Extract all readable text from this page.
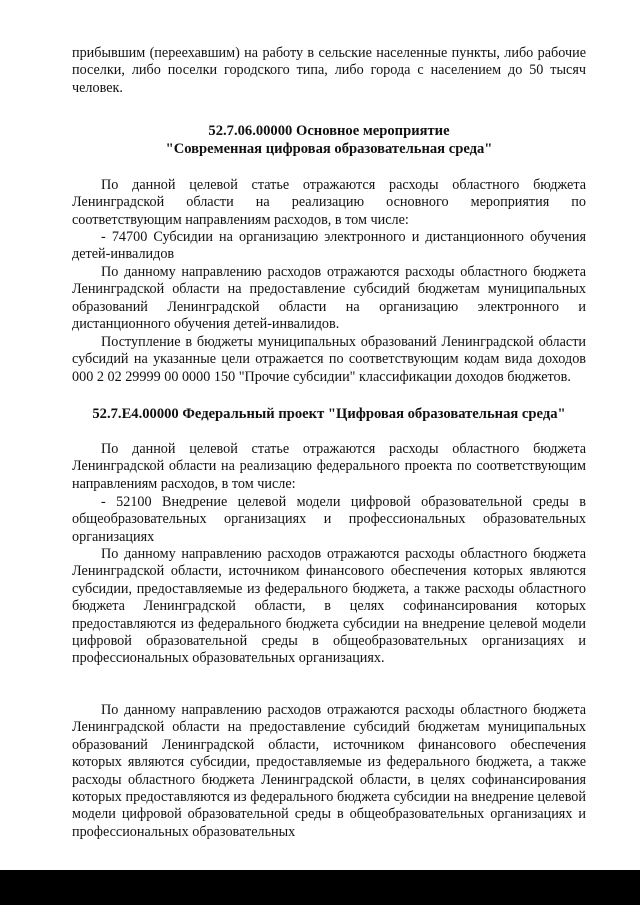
прибывшим (переехавшим) на работу в сельские населенные пункты, либо рабочие поселки, либо поселки городского типа, либо города с населением до 50 тысяч человек.

52.7.06.00000 Основное мероприятие

"Современная цифровая образовательная среда"

По данной целевой статье отражаются расходы областного бюджета Ленинградской области на реализацию основного мероприятия по соответствующим направлениям расходов, в том числе:

- 74700 Субсидии на организацию электронного и дистанционного обучения детей-инвалидов

По данному направлению расходов отражаются расходы областного бюджета Ленинградской области на предоставление субсидий бюджетам муниципальных образований Ленинградской области на организацию электронного и дистанционного обучения детей-инвалидов.

Поступление в бюджеты муниципальных образований Ленинградской области субсидий на указанные цели отражается по соответствующим кодам вида доходов 000 2 02 29999 00 0000 150 "Прочие субсидии" классификации доходов бюджетов.

52.7.Е4.00000 Федеральный проект "Цифровая образовательная среда"

По данной целевой статье отражаются расходы областного бюджета Ленинградской области на реализацию федерального проекта по соответствующим направлениям расходов, в том числе:

- 52100 Внедрение целевой модели цифровой образовательной среды в общеобразовательных организациях и профессиональных образовательных организациях

По данному направлению расходов отражаются расходы областного бюджета Ленинградской области, источником финансового обеспечения которых являются субсидии, предоставляемые из федерального бюджета, а также расходы областного бюджета Ленинградской области, в целях софинансирования которых предоставляются из федерального бюджета субсидии на внедрение целевой модели цифровой образовательной среды в общеобразовательных организациях и профессиональных образовательных организациях.

По данному направлению расходов отражаются расходы областного бюджета Ленинградской области на предоставление субсидий бюджетам муниципальных образований Ленинградской области, источником финансового обеспечения которых являются субсидии, предоставляемые из федерального бюджета, а также расходы областного бюджета Ленинградской области, в целях софинансирования которых предоставляются из федерального бюджета субсидии на внедрение целевой модели цифровой образовательной среды в общеобразовательных организациях и профессиональных образовательных
